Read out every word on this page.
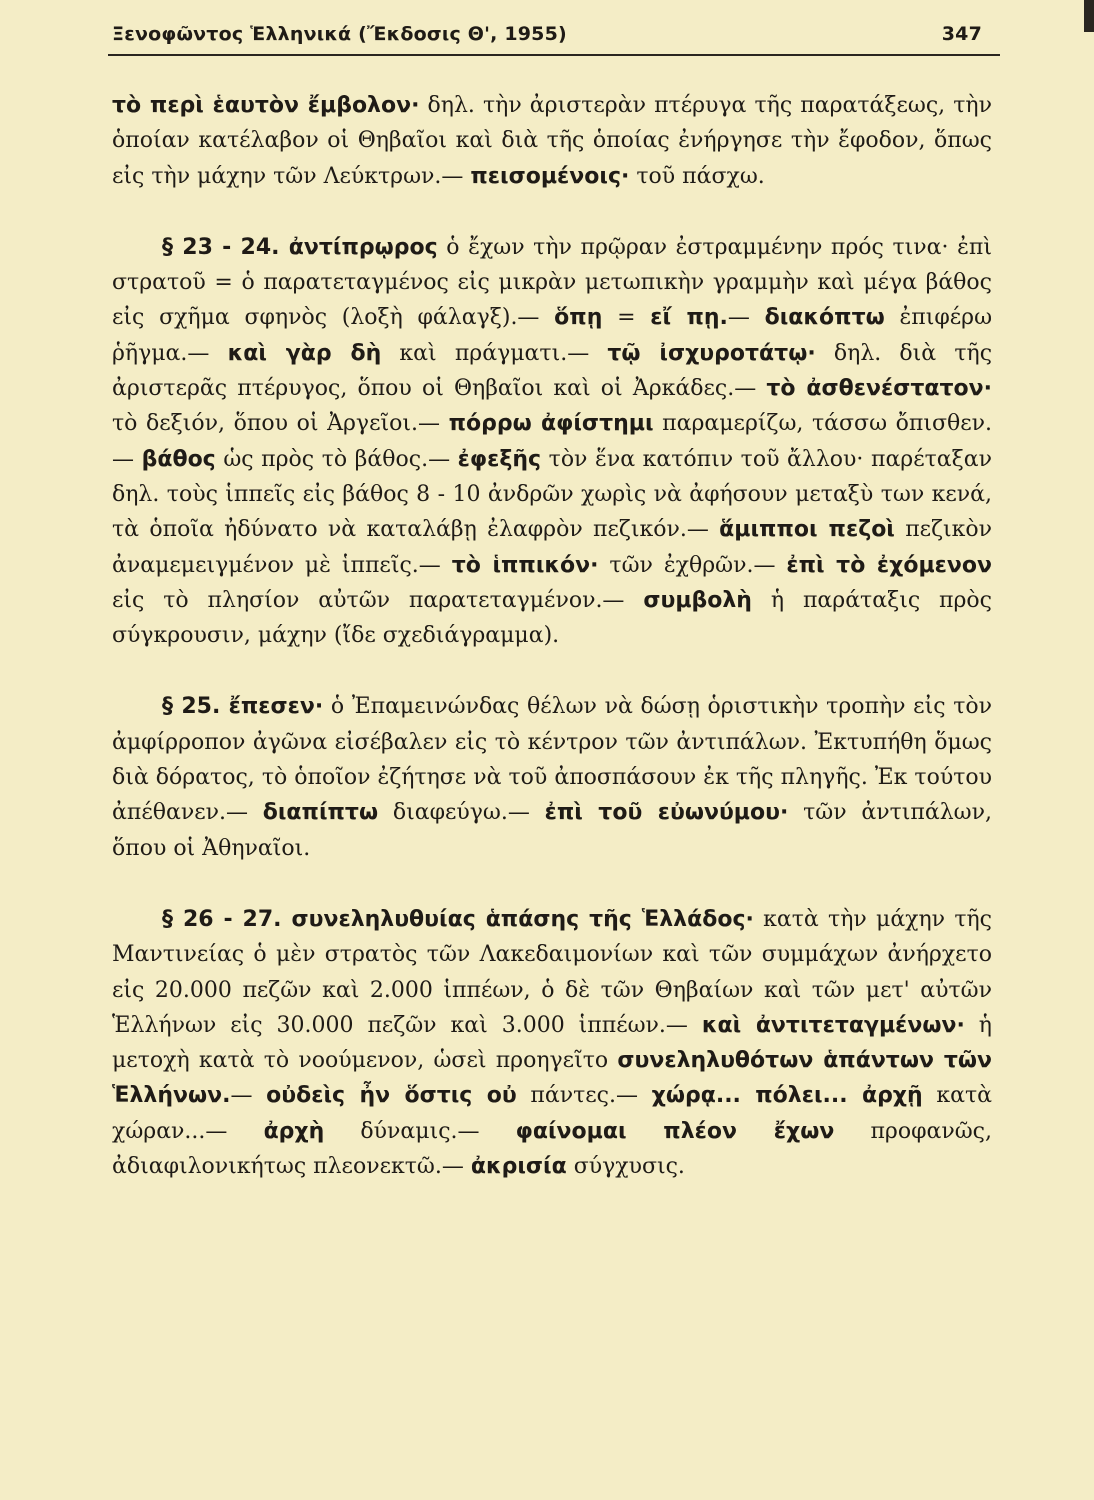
Ξενοφῶντος Ἑλληνικά (Ἔκδοσις Θ', 1955)	347

τὸ περὶ ἑαυτὸν ἔμβολον· δηλ. τὴν ἀριστερὰν πτέρυγα τῆς παρατάξεως, τὴν ὁποίαν κατέλαβον οἱ Θηβαῖοι καὶ διὰ τῆς ὁποίας ἐνήργησε τὴν ἔφοδον, ὅπως εἰς τὴν μάχην τῶν Λεύκτρων.— πεισομένοις· τοῦ πάσχω.

§ 23 - 24. ἀντίπρῳρος ὁ ἔχων τὴν πρῷραν ἐστραμμένην πρός τινα· ἐπὶ στρατοῦ = ὁ παρατεταγμένος εἰς μικρὰν μετωπικὴν γραμμὴν καὶ μέγα βάθος εἰς σχῆμα σφηνὸς (λοξὴ φάλαγξ).— ὅπῃ = εἴ πῃ.— διακόπτω ἐπιφέρω ῥῆγμα.— καὶ γὰρ δὴ καὶ πράγματι.— τῷ ἰσχυροτάτῳ· δηλ. διὰ τῆς ἀριστερᾶς πτέρυγος, ὅπου οἱ Θηβαῖοι καὶ οἱ Ἀρκάδες.— τὸ ἀσθενέστατον· τὸ δεξιόν, ὅπου οἱ Ἀργεῖοι.— πόρρω ἀφίστημι παραμερίζω, τάσσω ὄπισθεν.— βάθος ὡς πρὸς τὸ βάθος.— ἐφεξῆς τὸν ἕνα κατόπιν τοῦ ἄλλου· παρέταξαν δηλ. τοὺς ἱππεῖς εἰς βάθος 8 - 10 ἀνδρῶν χωρὶς νὰ ἀφήσουν μεταξὺ των κενά, τὰ ὁποῖα ἠδύνατο νὰ καταλάβῃ ἐλαφρὸν πεζικόν.— ἅμιπποι πεζοὶ πεζικὸν ἀναμεμειγμένον μὲ ἱππεῖς.— τὸ ἱππικόν· τῶν ἐχθρῶν.— ἐπὶ τὸ ἐχόμενον εἰς τὸ πλησίον αὐτῶν παρατεταγμένον.— συμβολὴ ἡ παράταξις πρὸς σύγκρουσιν, μάχην (ἴδε σχεδιάγραμμα).

§ 25. ἔπεσεν· ὁ Ἐπαμεινώνδας θέλων νὰ δώσῃ ὁριστικὴν τροπὴν εἰς τὸν ἀμφίρροπον ἀγῶνα εἰσέβαλεν εἰς τὸ κέντρον τῶν ἀντιπάλων. Ἐκτυπήθη ὅμως διὰ δόρατος, τὸ ὁποῖον ἐζήτησε νὰ τοῦ ἀποσπάσουν ἐκ τῆς πληγῆς. Ἐκ τούτου ἀπέθανεν.— διαπίπτω διαφεύγω.— ἐπὶ τοῦ εὐωνύμου· τῶν ἀντιπάλων, ὅπου οἱ Ἀθηναῖοι.

§ 26 - 27. συνεληλυθυίας ἁπάσης τῆς Ἑλλάδος· κατὰ τὴν μάχην τῆς Μαντινείας ὁ μὲν στρατὸς τῶν Λακεδαιμονίων καὶ τῶν συμμάχων ἀνήρχετο εἰς 20.000 πεζῶν καὶ 2.000 ἱππέων, ὁ δὲ τῶν Θηβαίων καὶ τῶν μετ' αὐτῶν Ἑλλήνων εἰς 30.000 πεζῶν καὶ 3.000 ἱππέων.— καὶ ἀντιτεταγμένων· ἡ μετοχὴ κατὰ τὸ νοούμενον, ὡσεὶ προηγεῖτο συνεληλυθότων ἁπάντων τῶν Ἑλλήνων.— οὐδεὶς ἦν ὅστις οὐ πάντες.— χώρᾳ... πόλει... ἀρχῇ κατὰ χώραν...— ἀρχὴ δύναμις.— φαίνομαι πλέον ἔχων προφανῶς, ἀδιαφιλονικήτως πλεονεκτῶ.— ἀκρισία σύγχυσις.
